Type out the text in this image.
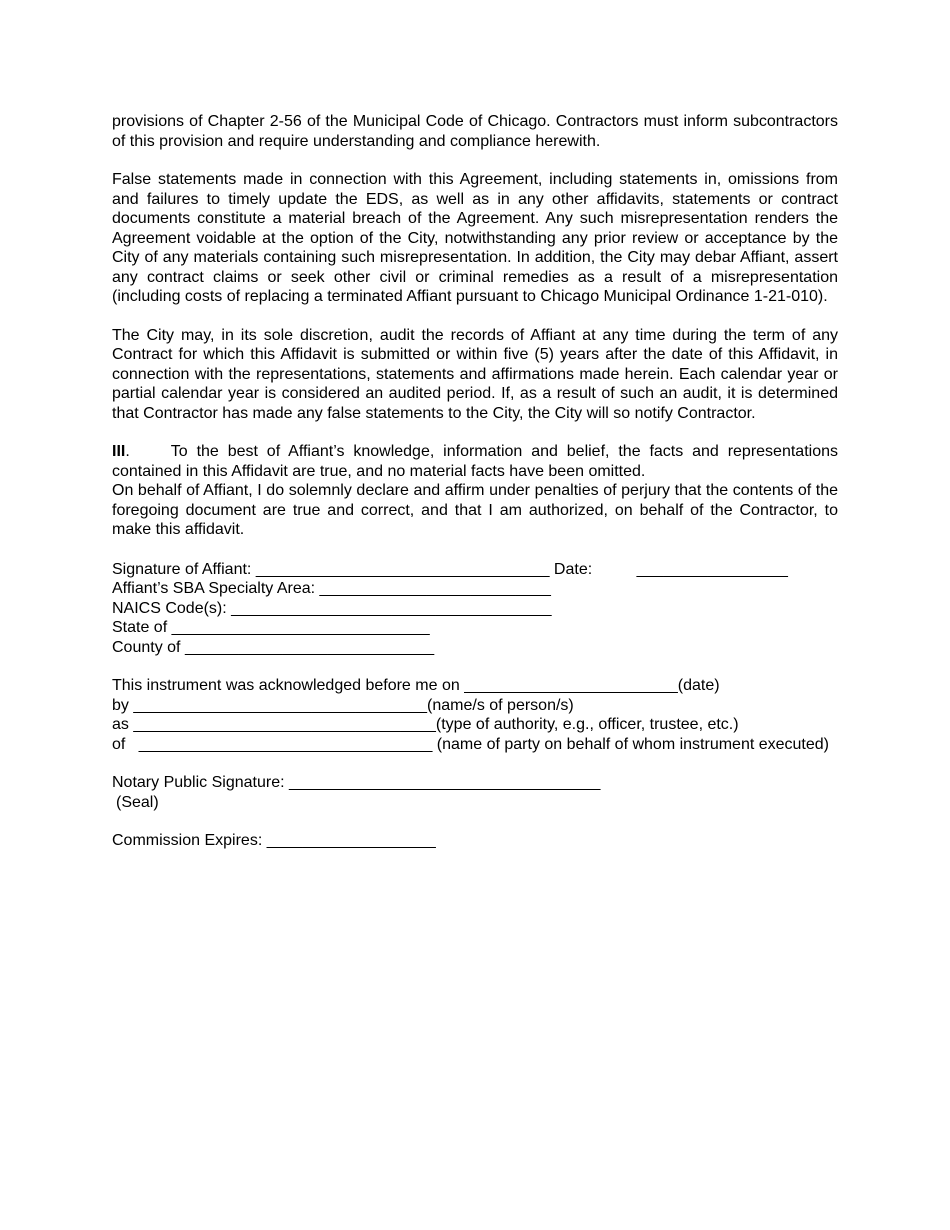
provisions of Chapter 2-56 of the Municipal Code of Chicago. Contractors must inform subcontractors of this provision and require understanding and compliance herewith.

False statements made in connection with this Agreement, including statements in, omissions from and failures to timely update the EDS, as well as in any other affidavits, statements or contract documents constitute a material breach of the Agreement. Any such misrepresentation renders the Agreement voidable at the option of the City, notwithstanding any prior review or acceptance by the City of any materials containing such misrepresentation. In addition, the City may debar Affiant, assert any contract claims or seek other civil or criminal remedies as a result of a misrepresentation (including costs of replacing a terminated Affiant pursuant to Chicago Municipal Ordinance 1-21-010).

The City may, in its sole discretion, audit the records of Affiant at any time during the term of any Contract for which this Affidavit is submitted or within five (5) years after the date of this Affidavit, in connection with the representations, statements and affirmations made herein. Each calendar year or partial calendar year is considered an audited period. If, as a result of such an audit, it is determined that Contractor has made any false statements to the City, the City will so notify Contractor.

III.	To the best of Affiant’s knowledge, information and belief, the facts and representations contained in this Affidavit are true, and no material facts have been omitted.

On behalf of Affiant, I do solemnly declare and affirm under penalties of perjury that the contents of the foregoing document are true and correct, and that I am authorized, on behalf of the Contractor, to make this affidavit.

Signature of Affiant: _________________________________ Date:	_________________
Affiant’s SBA Specialty Area: __________________________
NAICS Code(s): ____________________________________
State of _____________________________
County of ____________________________
This instrument was acknowledged before me on ________________________(date)
by _________________________________(name/s of person/s)
as __________________________________(type of authority, e.g., officer, trustee, etc.)
of _________________________________ (name of party on behalf of whom instrument executed)
Notary Public Signature: ___________________________________
(Seal)
Commission Expires: ___________________
